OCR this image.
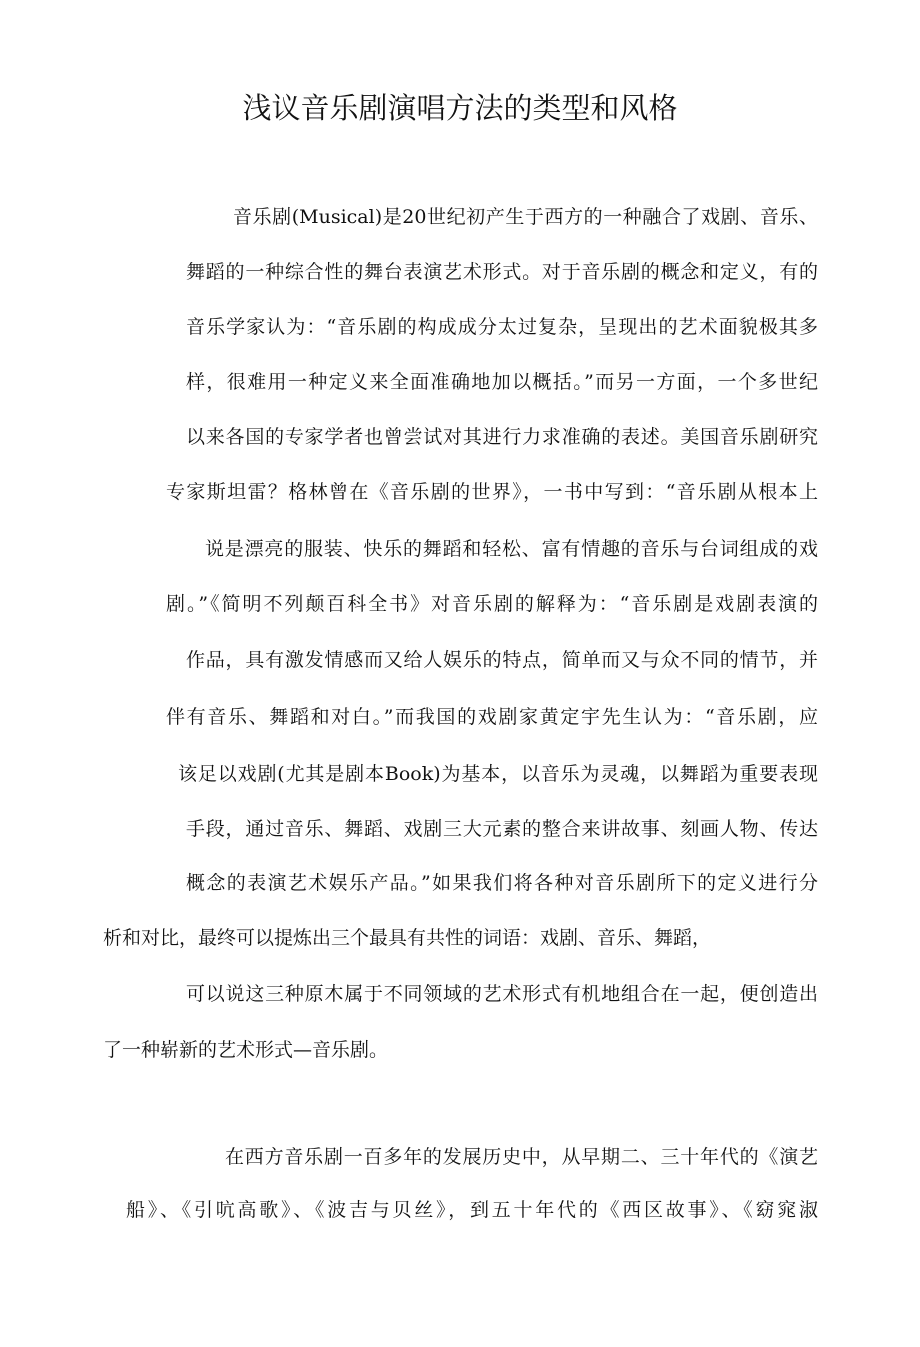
浅议音乐剧演唱方法的类型和风格
音乐剧(Musical)是20世纪初产生于西方的一种融合了戏剧、音乐、
舞蹈的一种综合性的舞台表演艺术形式。对于音乐剧的概念和定义，有的
音乐学家认为：“音乐剧的构成成分太过复杂，呈现出的艺术面貌极其多
样，很难用一种定义来全面准确地加以概括。”而另一方面，一个多世纪
以来各国的专家学者也曾尝试对其进行力求准确的表述。美国音乐剧研究
专家斯坦雷？格林曾在《音乐剧的世界》，一书中写到：“音乐剧从根本上
说是漂亮的服装、快乐的舞蹈和轻松、富有情趣的音乐与台词组成的戏
剧。”《简明不列颠百科全书》对音乐剧的解释为：“音乐剧是戏剧表演的
作品，具有激发情感而又给人娱乐的特点，简单而又与众不同的情节，并
伴有音乐、舞蹈和对白。”而我国的戏剧家黄定宇先生认为：“音乐剧，应
该足以戏剧(尤其是剧本Book)为基本，以音乐为灵魂，以舞蹈为重要表现
手段，通过音乐、舞蹈、戏剧三大元素的整合来讲故事、刻画人物、传达
概念的表演艺术娱乐产品。”如果我们将各种对音乐剧所下的定义进行分
析和对比，最终可以提炼出三个最具有共性的词语：戏剧、音乐、舞蹈，
可以说这三种原木属于不同领域的艺术形式有机地组合在一起，便创造出
了一种崭新的艺术形式—音乐剧。
在西方音乐剧一百多年的发展历史中，从早期二、三十年代的《演艺
船》、《引吭高歌》、《波吉与贝丝》，到五十年代的《西区故事》、《窈窕淑
